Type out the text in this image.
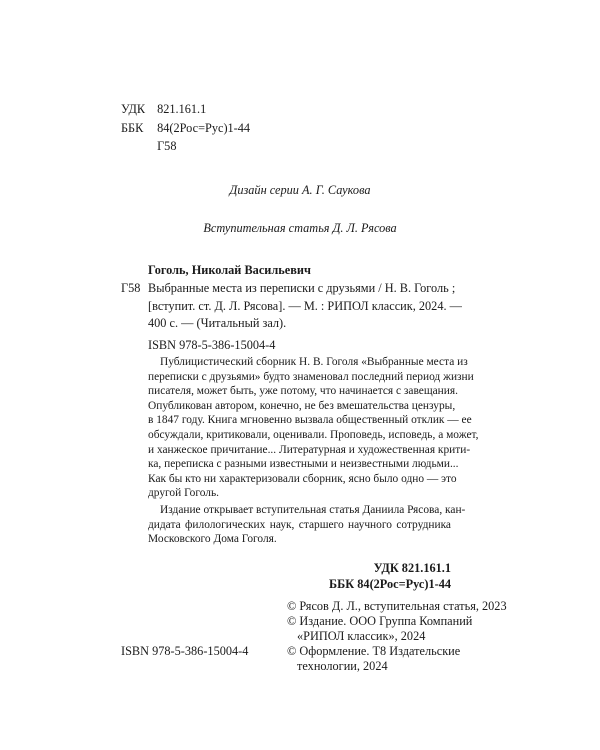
УДК 821.161.1
ББК 84(2Рос=Рус)1-44
Г58
Дизайн серии А. Г. Саукова
Вступительная статья Д. Л. Рясова
Гоголь, Николай Васильевич
Г58 Выбранные места из переписки с друзьями / Н. В. Гоголь ;
[вступит. ст. Д. Л. Рясова]. — М. : РИПОЛ классик, 2024. —
400 с. — (Читальный зал).
ISBN 978-5-386-15004-4
Публицистический сборник Н. В. Гоголя «Выбранные места из
переписки с друзьями» будто знаменовал последний период жизни
писателя, может быть, уже потому, что начинается с завещания.
Опубликован автором, конечно, не без вмешательства цензуры,
в 1847 году. Книга мгновенно вызвала общественный отклик — ее
обсуждали, критиковали, оценивали. Проповедь, исповедь, а может,
и ханжеское причитание... Литературная и художественная крити-
ка, переписка с разными известными и неизвестными людьми...
Как бы кто ни характеризовали сборник, ясно было одно — это
другой Гоголь.
Издание открывает вступительная статья Даниила Рясова, кан-
дидата филологических наук, старшего научного сотрудника
Московского Дома Гоголя.
УДК 821.161.1
ББК 84(2Рос=Рус)1-44
© Рясов Д. Л., вступительная статья, 2023
© Издание. ООО Группа Компаний
«РИПОЛ классик», 2024
© Оформление. T8 Издательские
технологии, 2024
ISBN 978-5-386-15004-4
